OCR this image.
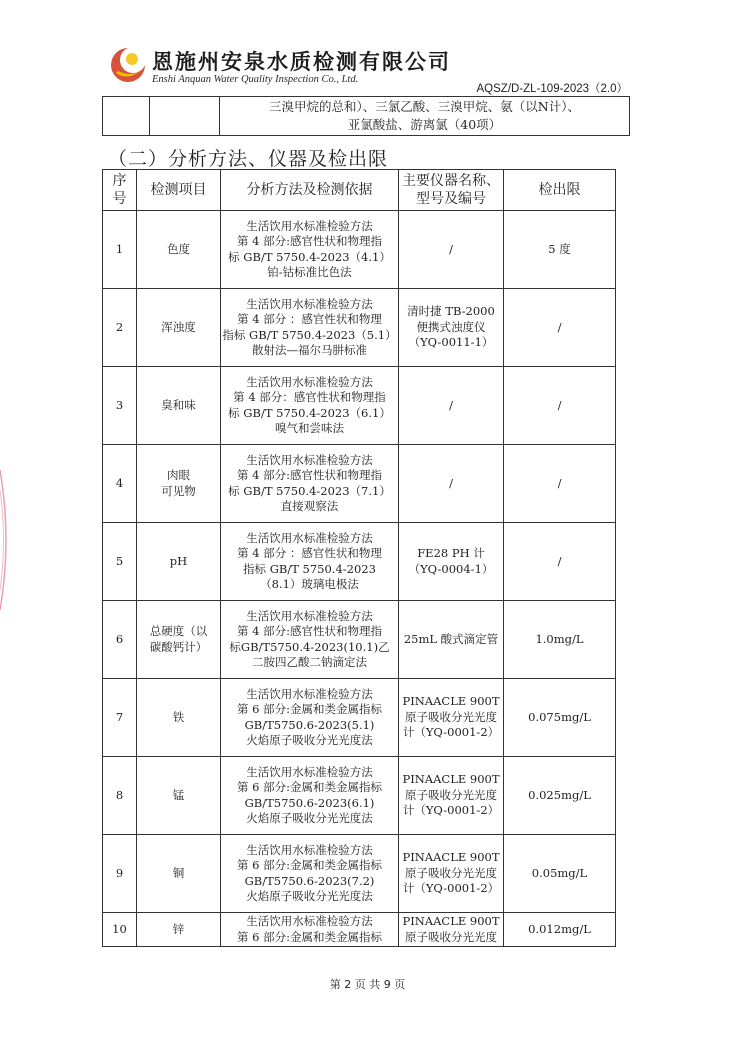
恩施州安泉水质检测有限公司
Enshi Anquan Water Quality Inspection Co., Ltd.
AQSZ/D-ZL-109-2023（2.0）

三溴甲烷的总和）、三氯乙酸、三溴甲烷、氨（以N计）、
亚氯酸盐、游离氯（40项）
（二）分析方法、仪器及检出限
序
号	检测项目	分析方法及检测依据	主要仪器名称、
型号及编号	检出限
1	色度	生活饮用水标准检验方法
第 4 部分:感官性状和物理指
标 GB/T 5750.4-2023（4.1）
铂-钴标准比色法	/	5 度
2	浑浊度	生活饮用水标准检验方法
第 4 部分 ：感官性状和物理
指标 GB/T 5750.4-2023（5.1）
散射法—福尔马肼标准	清时捷 TB-2000
便携式浊度仪
（YQ-0011-1）	/
3	臭和味	生活饮用水标准检验方法
第 4 部分：感官性状和物理指
标 GB/T 5750.4-2023（6.1）
嗅气和尝味法	/	/
4	肉眼
可见物	生活饮用水标准检验方法
第 4 部分:感官性状和物理指
标 GB/T 5750.4-2023（7.1）
直接观察法	/	/
5	pH	生活饮用水标准检验方法
第 4 部分 ：感官性状和物理
指标 GB/T 5750.4-2023
（8.1）玻璃电极法	FE28 PH 计
（YQ-0004-1）	/
6	总硬度（以
碳酸钙计）	生活饮用水标准检验方法
第 4 部分:感官性状和物理指
标GB/T5750.4-2023(10.1)乙
二胺四乙酸二钠滴定法	25mL 酸式滴定管	1.0mg/L
7	铁	生活饮用水标准检验方法
第 6 部分:金属和类金属指标
GB/T5750.6-2023(5.1)
火焰原子吸收分光光度法	PINAACLE 900T
原子吸收分光光度
计（YQ-0001-2）	0.075mg/L
8	锰	生活饮用水标准检验方法
第 6 部分:金属和类金属指标
GB/T5750.6-2023(6.1)
火焰原子吸收分光光度法	PINAACLE 900T
原子吸收分光光度
计（YQ-0001-2）	0.025mg/L
9	铜	生活饮用水标准检验方法
第 6 部分:金属和类金属指标
GB/T5750.6-2023(7.2)
火焰原子吸收分光光度法	PINAACLE 900T
原子吸收分光光度
计（YQ-0001-2）	0.05mg/L
10	锌	生活饮用水标准检验方法
第 6 部分:金属和类金属指标	PINAACLE 900T
原子吸收分光光度	0.012mg/L
第 2 页 共 9 页
